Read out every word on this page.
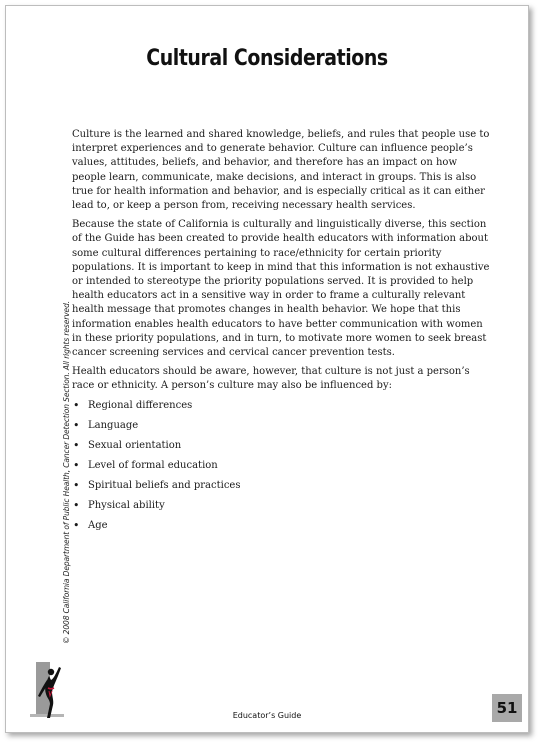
Cultural Considerations

Culture is the learned and shared knowledge, beliefs, and rules that people use to interpret experiences and to generate behavior. Culture can influence people’s values, attitudes, beliefs, and behavior, and therefore has an impact on how people learn, communicate, make decisions, and interact in groups. This is also true for health information and behavior, and is especially critical as it can either lead to, or keep a person from, receiving necessary health services.

Because the state of California is culturally and linguistically diverse, this section of the Guide has been created to provide health educators with information about some cultural differences pertaining to race/ethnicity for certain priority populations. It is important to keep in mind that this information is not exhaustive or intended to stereotype the priority populations served. It is provided to help health educators act in a sensitive way in order to frame a culturally relevant health message that promotes changes in health behavior. We hope that this information enables health educators to have better communication with women in these priority populations, and in turn, to motivate more women to seek breast cancer screening services and cervical cancer prevention tests.

Health educators should be aware, however, that culture is not just a person’s race or ethnicity. A person’s culture may also be influenced by:

• Regional differences
• Language
• Sexual orientation
• Level of formal education
• Spiritual beliefs and practices
• Physical ability
• Age
© 2008 California Department of Public Health, Cancer Detection Section. All rights reserved.
Educator’s Guide	51
